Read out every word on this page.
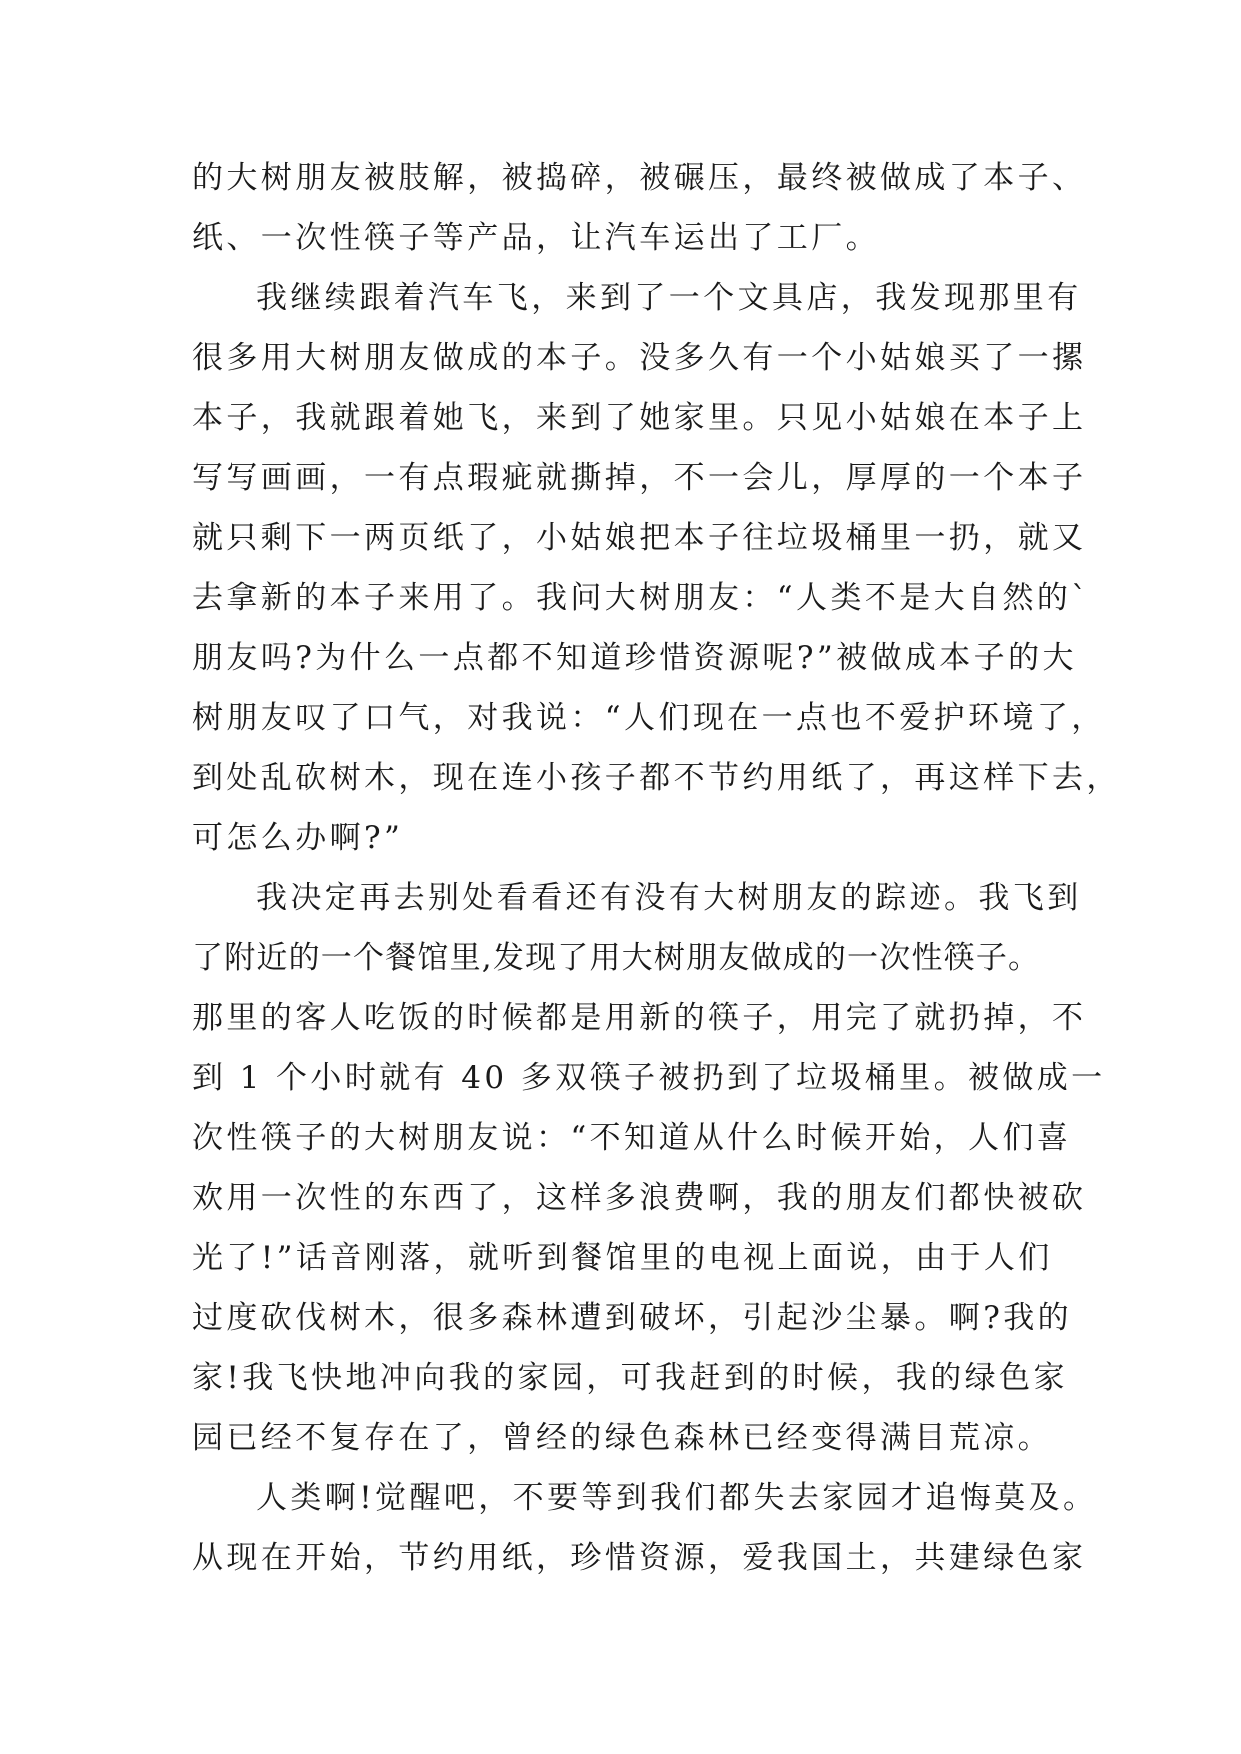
的大树朋友被肢解，被捣碎，被碾压，最终被做成了本子、
纸、一次性筷子等产品，让汽车运出了工厂。
我继续跟着汽车飞，来到了一个文具店，我发现那里有
很多用大树朋友做成的本子。没多久有一个小姑娘买了一摞
本子，我就跟着她飞，来到了她家里。只见小姑娘在本子上
写写画画，一有点瑕疵就撕掉，不一会儿，厚厚的一个本子
就只剩下一两页纸了，小姑娘把本子往垃圾桶里一扔，就又
去拿新的本子来用了。我问大树朋友：“人类不是大自然的`
朋友吗?为什么一点都不知道珍惜资源呢?”被做成本子的大
树朋友叹了口气，对我说：“人们现在一点也不爱护环境了，
到处乱砍树木，现在连小孩子都不节约用纸了，再这样下去，
可怎么办啊?”
我决定再去别处看看还有没有大树朋友的踪迹。我飞到
了附近的一个餐馆里,发现了用大树朋友做成的一次性筷子。
那里的客人吃饭的时候都是用新的筷子，用完了就扔掉，不
到 1 个小时就有 40 多双筷子被扔到了垃圾桶里。被做成一
次性筷子的大树朋友说：“不知道从什么时候开始，人们喜
欢用一次性的东西了，这样多浪费啊，我的朋友们都快被砍
光了!”话音刚落，就听到餐馆里的电视上面说，由于人们
过度砍伐树木，很多森林遭到破坏，引起沙尘暴。啊?我的
家!我飞快地冲向我的家园，可我赶到的时候，我的绿色家
园已经不复存在了，曾经的绿色森林已经变得满目荒凉。
人类啊!觉醒吧，不要等到我们都失去家园才追悔莫及。
从现在开始，节约用纸，珍惜资源，爱我国土，共建绿色家
